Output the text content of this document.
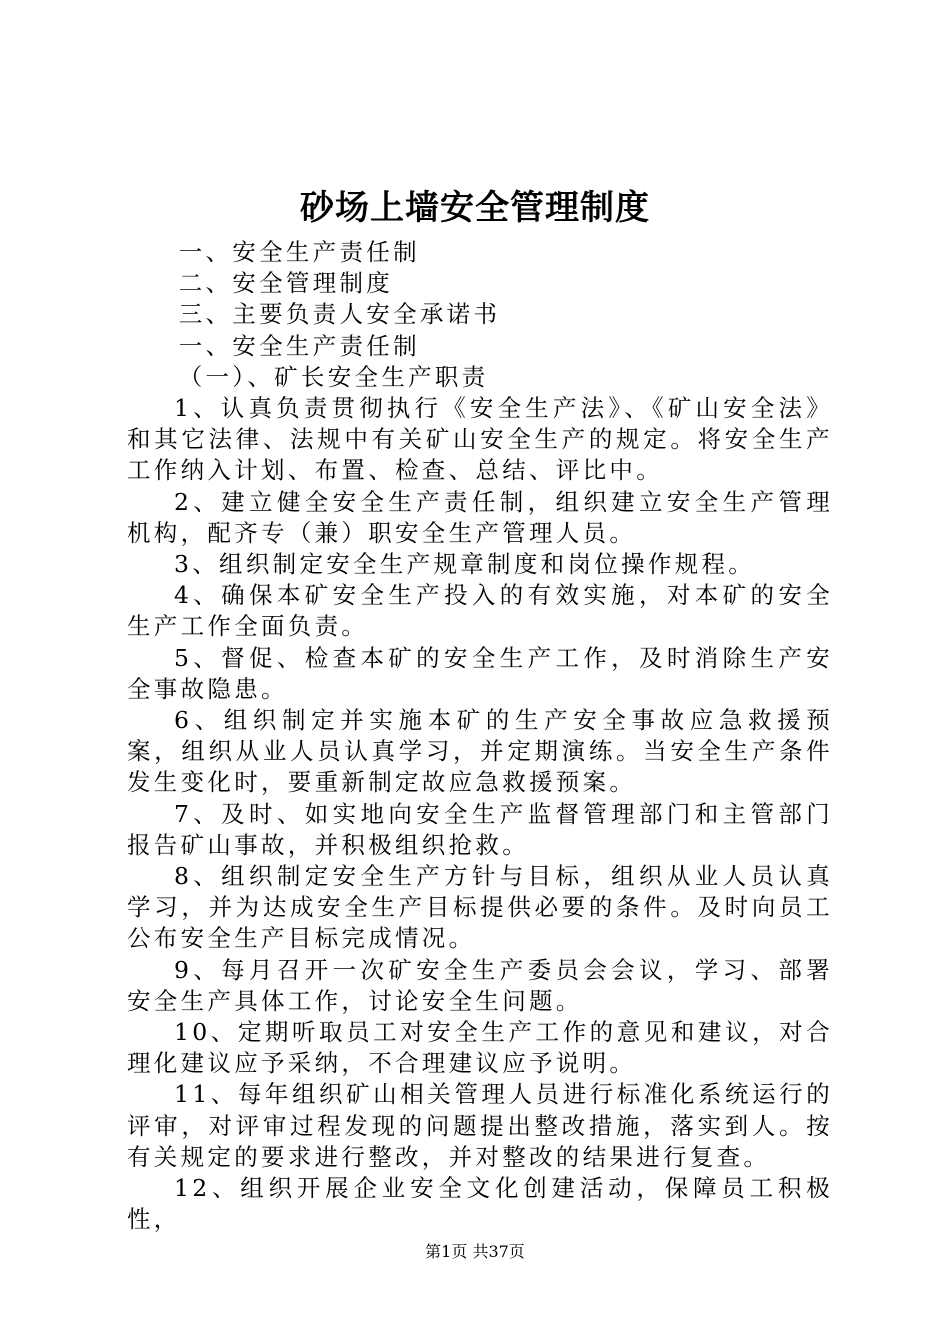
砂场上墙安全管理制度

一、安全生产责任制

二、安全管理制度

三、主要负责人安全承诺书

一、安全生产责任制

（一）、矿长安全生产职责

1、认真负责贯彻执行《安全生产法》、《矿山安全法》和其它法律、法规中有关矿山安全生产的规定。将安全生产工作纳入计划、布置、检查、总结、评比中。

2、建立健全安全生产责任制，组织建立安全生产管理机构，配齐专（兼）职安全生产管理人员。

3、组织制定安全生产规章制度和岗位操作规程。

4、确保本矿安全生产投入的有效实施，对本矿的安全生产工作全面负责。

5、督促、检查本矿的安全生产工作，及时消除生产安全事故隐患。

6、组织制定并实施本矿的生产安全事故应急救援预案，组织从业人员认真学习，并定期演练。当安全生产条件发生变化时，要重新制定故应急救援预案。

7、及时、如实地向安全生产监督管理部门和主管部门报告矿山事故，并积极组织抢救。

8、组织制定安全生产方针与目标，组织从业人员认真学习，并为达成安全生产目标提供必要的条件。及时向员工公布安全生产目标完成情况。

9、每月召开一次矿安全生产委员会会议，学习、部署安全生产具体工作，讨论安全生问题。

10、定期听取员工对安全生产工作的意见和建议，对合理化建议应予采纳，不合理建议应予说明。

11、每年组织矿山相关管理人员进行标准化系统运行的评审，对评审过程发现的问题提出整改措施，落实到人。按有关规定的要求进行整改，并对整改的结果进行复查。

12、组织开展企业安全文化创建活动，保障员工积极性，

第1页 共37页
